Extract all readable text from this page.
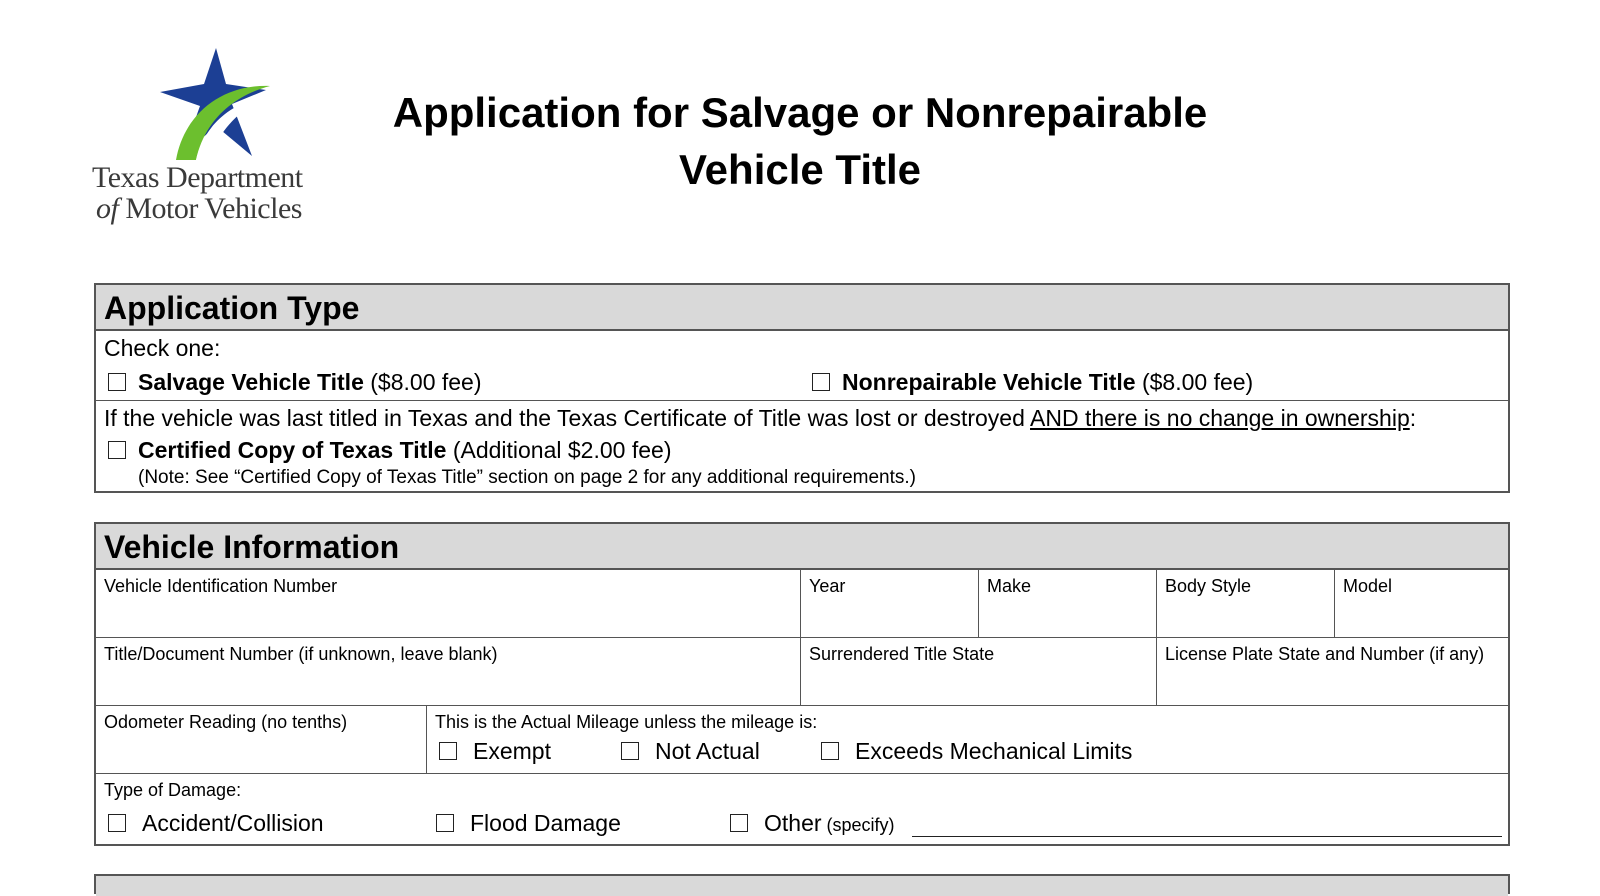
Texas Department
of Motor Vehicles
Application for Salvage or Nonrepairable
Vehicle Title
Application Type
Check one:
Salvage Vehicle Title ($8.00 fee)	Nonrepairable Vehicle Title ($8.00 fee)
If the vehicle was last titled in Texas and the Texas Certificate of Title was lost or destroyed AND there is no change in ownership:
Certified Copy of Texas Title (Additional $2.00 fee)
(Note: See “Certified Copy of Texas Title” section on page 2 for any additional requirements.)
Vehicle Information
Vehicle Identification Number	Year	Make	Body Style	Model
Title/Document Number (if unknown, leave blank)	Surrendered Title State	License Plate State and Number (if any)
Odometer Reading (no tenths)	This is the Actual Mileage unless the mileage is:
Exempt	Not Actual	Exceeds Mechanical Limits
Type of Damage:
Accident/Collision	Flood Damage	Other (specify)
